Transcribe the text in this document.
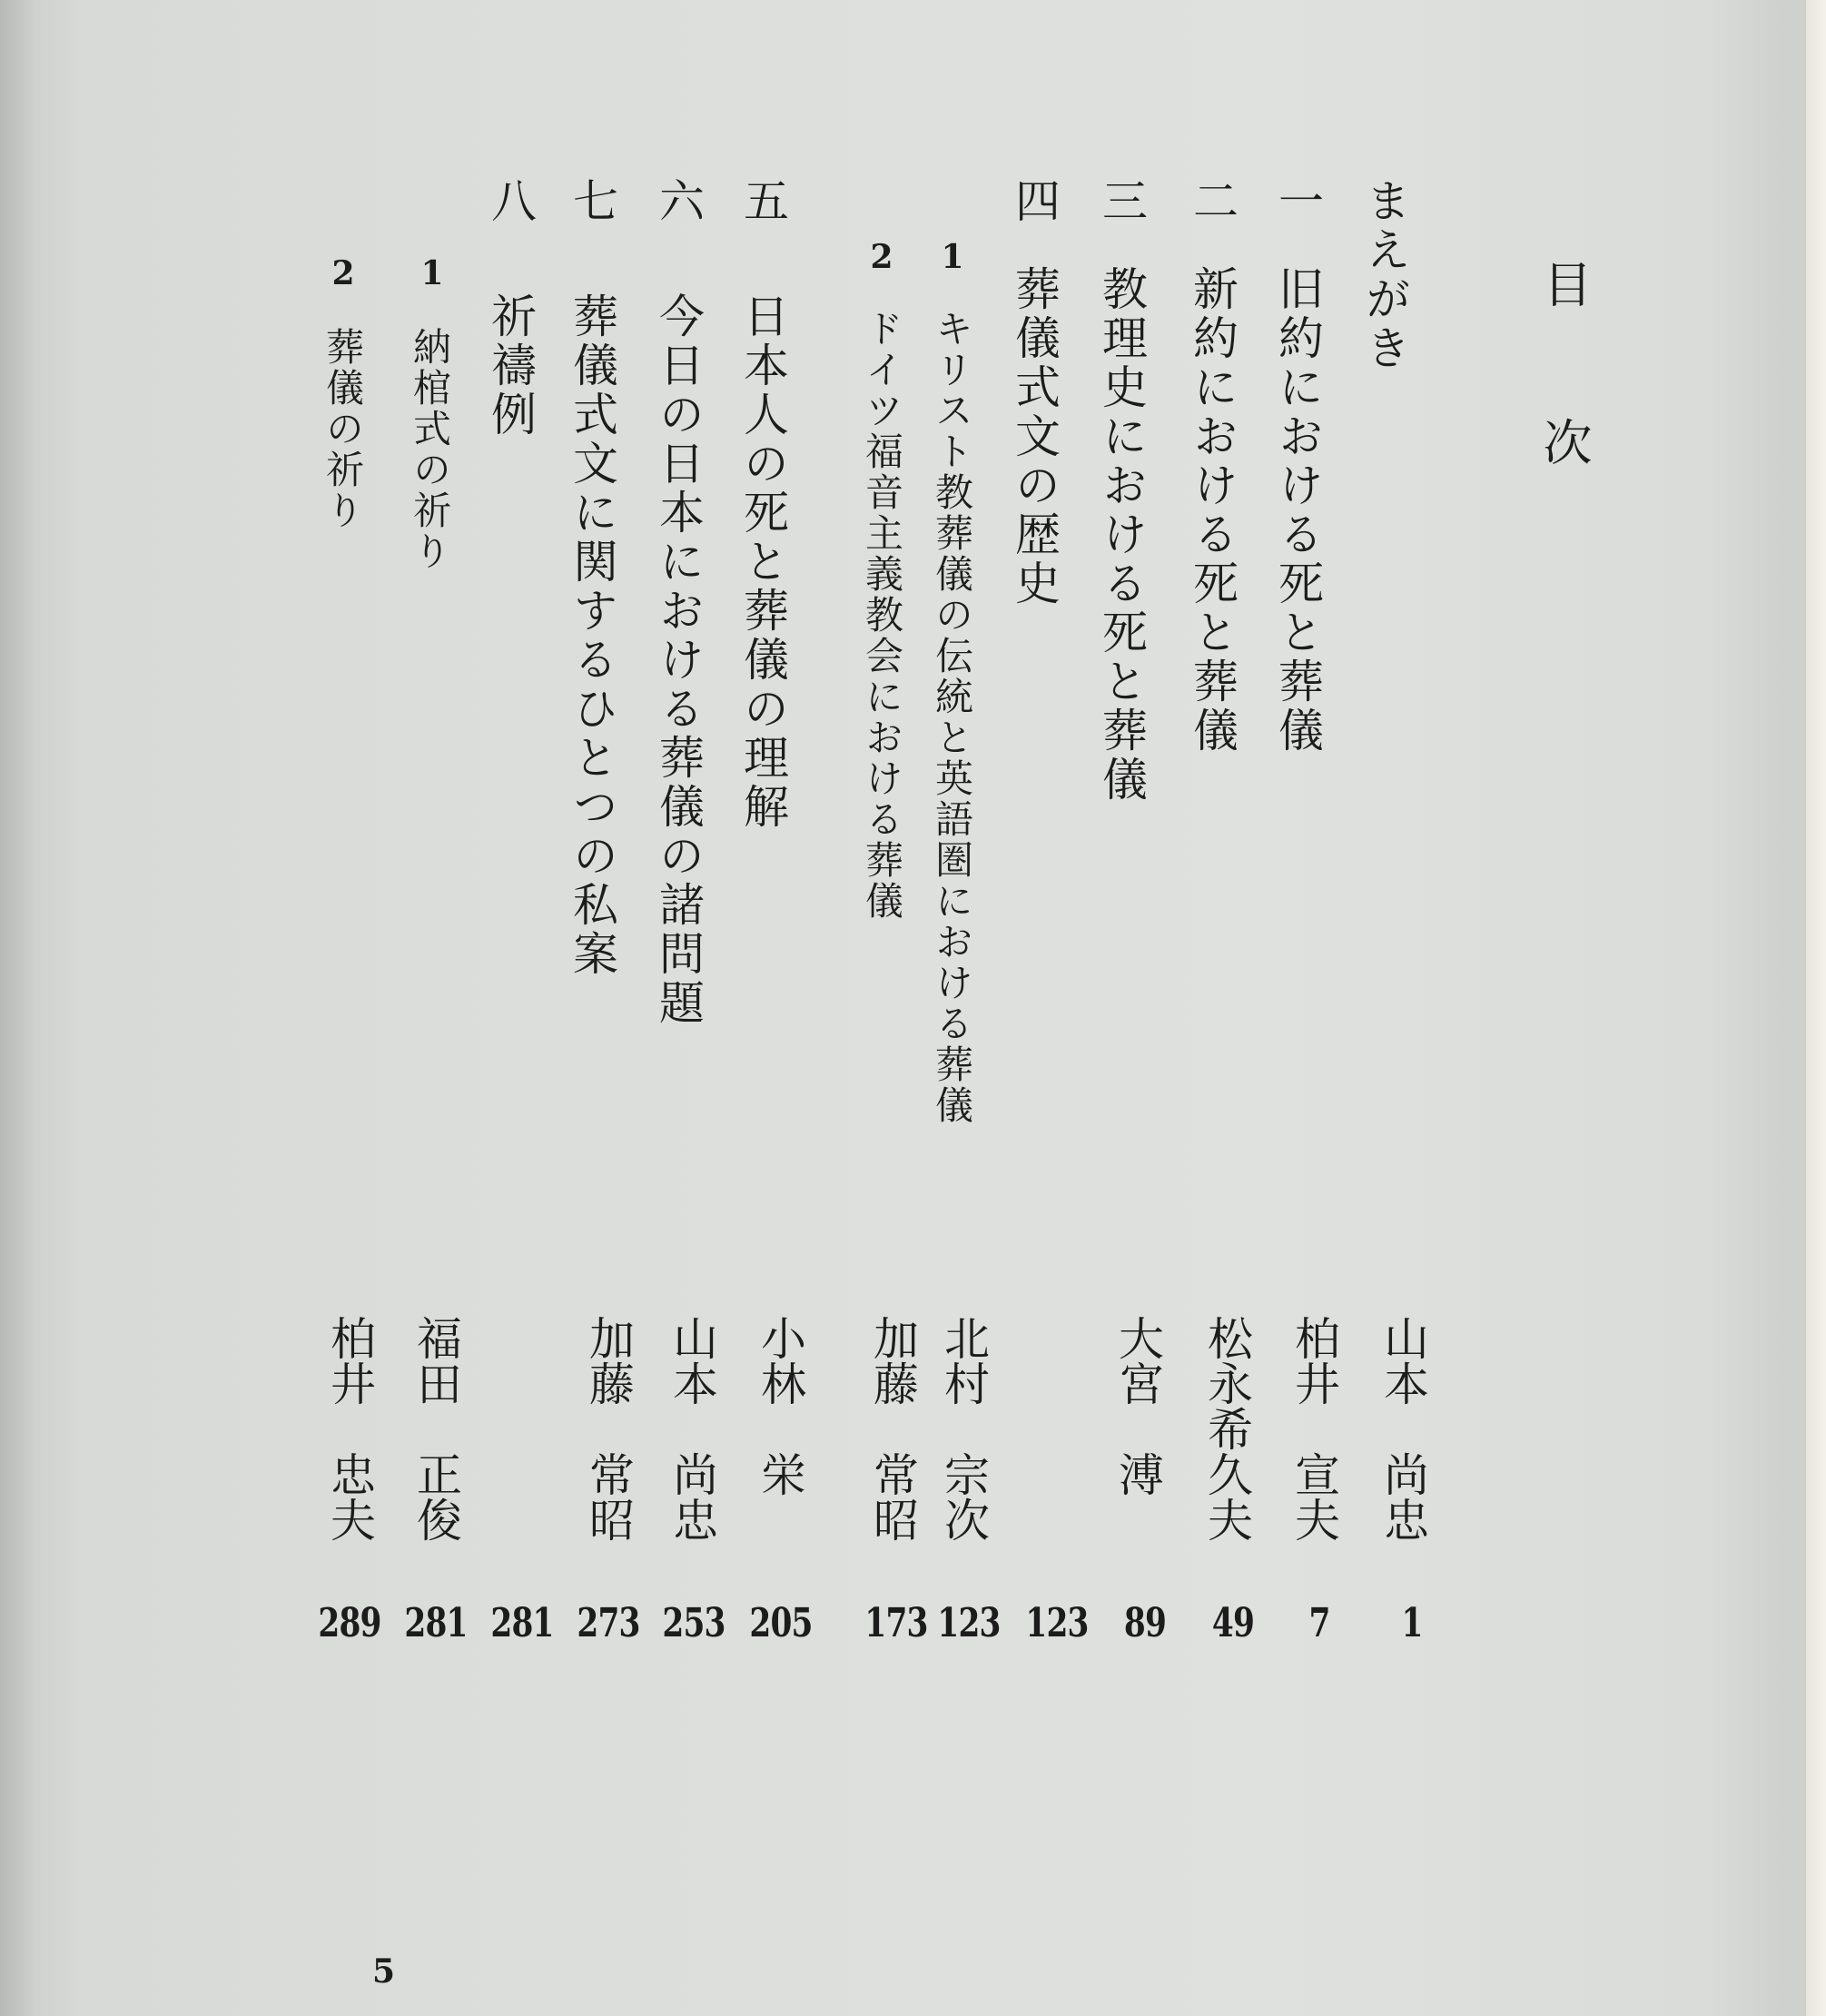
目次
まえがき
一
旧約における死と葬儀
二
新約における死と葬儀
三
教理史における死と葬儀
四
葬儀式文の歴史
1
キリスト教葬儀の伝統と英語圏における葬儀
2
ドイツ福音主義教会における葬儀
五
日本人の死と葬儀の理解
六
今日の日本における葬儀の諸問題
七
葬儀式文に関するひとつの私案
八
祈禱例
1
納棺式の祈り
2
葬儀の祈り
山本　尚忠
柏井　宣夫
松永希久夫
大宮　溥
北村　宗次
加藤　常昭
小林　栄
山本　尚忠
加藤　常昭
福田　正俊
柏井　忠夫
1
7
49
89
123
123
173
205
253
273
281
281
289
5
